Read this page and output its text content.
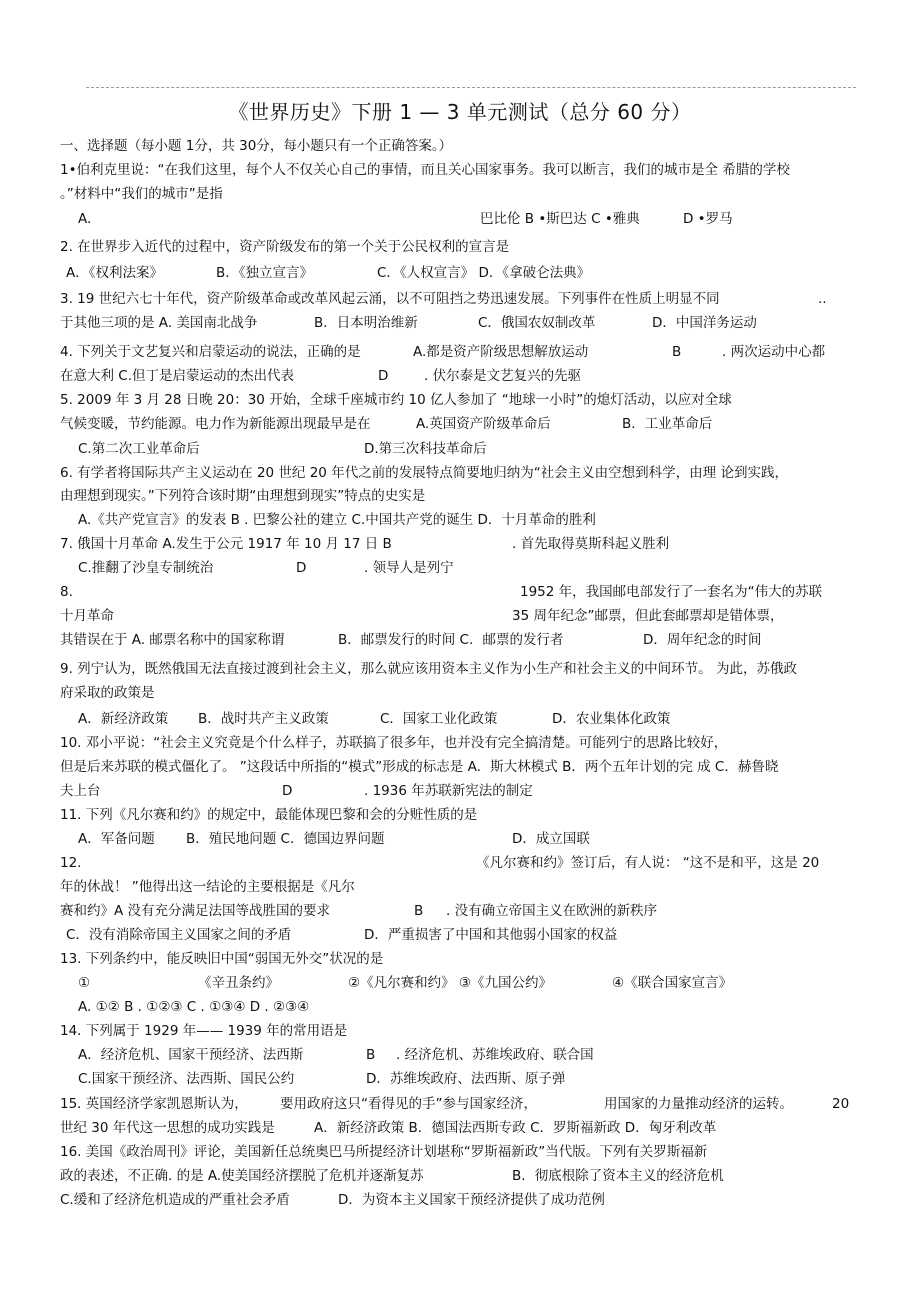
《世界历史》下册 1 — 3 单元测试（总分 60 分）
一、选择题（每小题 1分，共 30分，每小题只有一个正确答案。）
1•伯利克里说：“在我们这里，每个人不仅关心自己的事情，而且关心国家事务。我可以断言，我们的城市是全 希腊的学校
。”材料中“我们的城市”是指
A.	巴比伦 B •斯巴达 C •雅典	D •罗马
2. 在世界步入近代的过程中，资产阶级发布的第一个关于公民权利的宣言是
A．《权利法案》	B．《独立宣言》	C．《人权宣言》 D．《拿破仑法典》
3. 19 世纪六七十年代，资产阶级革命或改革风起云涌，以不可阻挡之势迅速发展。下列事件在性质上明显不同	..
于其他三项的是 A. 美国南北战争	B．日本明治维新	C．俄国农奴制改革	D．中国洋务运动
4. 下列关于文艺复兴和启蒙运动的说法，正确的是	A.都是资产阶级思想解放运动	B	. 两次运动中心都
在意大利 C.但丁是启蒙运动的杰出代表	D	. 伏尔泰是文艺复兴的先驱
5. 2009 年 3 月 28 日晚 20：30 开始，全球千座城市约 10 亿人参加了 “地球一小时”的熄灯活动，以应对全球
气候变暖，节约能源。电力作为新能源出现最早是在	A.英国资产阶级革命后	B．工业革命后
C.第二次工业革命后	D.第三次科技革命后
6. 有学者将国际共产主义运动在 20 世纪 20 年代之前的发展特点简要地归纳为“社会主义由空想到科学，由理 论到实践，
由理想到现实。”下列符合该时期“由理想到现实”特点的史实是
A.《共产党宣言》的发表 B . 巴黎公社的建立 C.中国共产党的诞生 D．十月革命的胜利
7. 俄国十月革命 A.发生于公元 1917 年 10 月 17 日 B	. 首先取得莫斯科起义胜利
C.推翻了沙皇专制统治	D	. 领导人是列宁
8.	1952 年，我国邮电部发行了一套名为“伟大的苏联
十月革命	35 周年纪念”邮票，但此套邮票却是错体票，
其错误在于 A. 邮票名称中的国家称谓	B．邮票发行的时间 C．邮票的发行者	D．周年纪念的时间
9. 列宁认为，既然俄国无法直接过渡到社会主义，那么就应该用资本主义作为小生产和社会主义的中间环节。 为此，苏俄政
府采取的政策是
A．新经济政策 B．战时共产主义政策	C．国家工业化政策	D．农业集体化政策
10. 邓小平说：“社会主义究竟是个什么样子，苏联搞了很多年，也并没有完全搞清楚。可能列宁的思路比较好，
但是后来苏联的模式僵化了。 ”这段话中所指的“模式”形成的标志是 A．斯大林模式 B．两个五年计划的完 成 C．赫鲁晓
夫上台	D	. 1936 年苏联新宪法的制定
11. 下列《凡尔赛和约》的规定中，最能体现巴黎和会的分赃性质的是
A．军备问题 B．殖民地问题 C．德国边界问题	D．成立国联
12.	《凡尔赛和约》签订后，有人说： “这不是和平，这是 20
年的休战！ ”他得出这一结论的主要根据是《凡尔
赛和约》A 没有充分满足法国等战胜国的要求	B . 没有确立帝国主义在欧洲的新秩序
C．没有消除帝国主义国家之间的矛盾	D．严重损害了中国和其他弱小国家的权益
13. 下列条约中，能反映旧中国“弱国无外交”状况的是
①	《辛丑条约》	②《凡尔赛和约》 ③《九国公约》	④《联合国家宣言》
A. ①② B . ①②③ C . ①③④ D . ②③④
14. 下列属于 1929 年—— 1939 年的常用语是
A．经济危机、国家干预经济、法西斯	B . 经济危机、苏维埃政府、联合国
C.国家干预经济、法西斯、国民公约	D．苏维埃政府、法西斯、原子弹
15. 英国经济学家凯恩斯认为， 要用政府这只“看得见的手”参与国家经济，	用国家的力量推动经济的运转。	20
世纪 30 年代这一思想的成功实践是	A．新经济政策 B．德国法西斯专政 C．罗斯福新政 D．匈牙利改革
16. 美国《政治周刊》评论，美国新任总统奥巴马所提经济计划堪称“罗斯福新政”当代版。下列有关罗斯福新
政的表述，不正确. 的是 A.使美国经济摆脱了危机并逐渐复苏	B．彻底根除了资本主义的经济危机
C.缓和了经济危机造成的严重社会矛盾	D．为资本主义国家干预经济提供了成功范例
